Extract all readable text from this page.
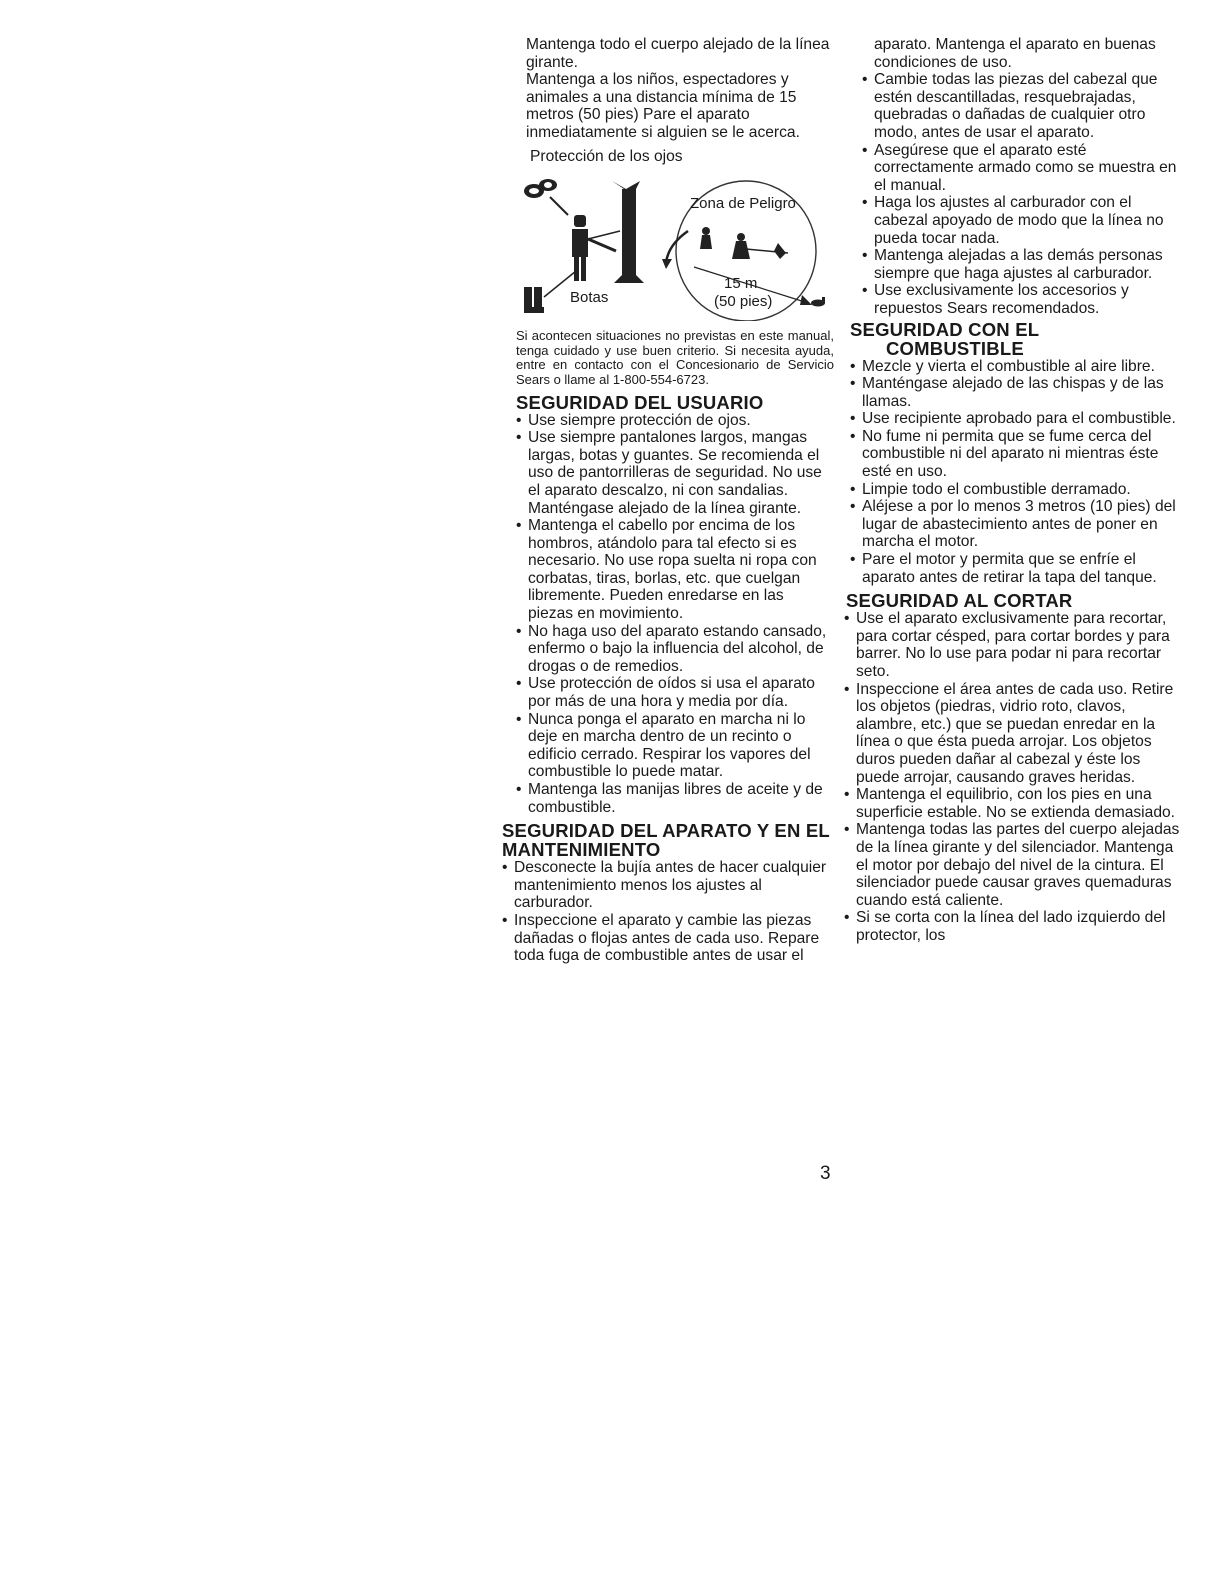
Mantenga todo el cuerpo alejado de la línea girante.

Mantenga a los niños, espectadores y animales a una distancia mínima de 15 metros (50 pies) Pare el aparato inmediatamente si alguien se le acerca.

Protección de los ojos

Zona de Peligro
Botas
15 m
(50 pies)

Si acontecen situaciones no previstas en este manual, tenga cuidado y use buen criterio. Si necesita ayuda, entre en contacto con el Concesionario de Servicio Sears o llame al 1-800-554-6723.

SEGURIDAD DEL USUARIO
• Use siempre protección de ojos.
• Use siempre pantalones largos, mangas largas, botas y guantes. Se recomienda el uso de pantorrilleras de seguridad. No use el aparato descalzo, ni con sandalias. Manténgase alejado de la línea girante.
• Mantenga el cabello por encima de los hombros, atándolo para tal efecto si es necesario. No use ropa suelta ni ropa con corbatas, tiras, borlas, etc. que cuelgan libremente. Pueden enredarse en las piezas en movimiento.
• No haga uso del aparato estando cansado, enfermo o bajo la influencia del alcohol, de drogas o de remedios.
• Use protección de oídos si usa el aparato por más de una hora y media por día.
• Nunca ponga el aparato en marcha ni lo deje en marcha dentro de un recinto o edificio cerrado. Respirar los vapores del combustible lo puede matar.
• Mantenga las manijas libres de aceite y de combustible.
SEGURIDAD DEL APARATO Y EN EL MANTENIMIENTO
• Desconecte la bujía antes de hacer cualquier mantenimiento menos los ajustes al carburador.
• Inspeccione el aparato y cambie las piezas dañadas o flojas antes de cada uso. Repare toda fuga de combustible antes de usar el

aparato. Mantenga el aparato en buenas condiciones de uso.

• Cambie todas las piezas del cabezal que estén descantilladas, resquebrajadas, quebradas o dañadas de cualquier otro modo, antes de usar el aparato.
• Asegúrese que el aparato esté correctamente armado como se muestra en el manual.
• Haga los ajustes al carburador con el cabezal apoyado de modo que la línea no pueda tocar nada.
• Mantenga alejadas a las demás personas siempre que haga ajustes al carburador.
• Use exclusivamente los accesorios y repuestos Sears recomendados.
SEGURIDAD CON EL
COMBUSTIBLE
• Mezcle y vierta el combustible al aire libre.
• Manténgase alejado de las chispas y de las llamas.
• Use recipiente aprobado para el combustible.
• No fume ni permita que se fume cerca del combustible ni del aparato ni mientras éste esté en uso.
• Limpie todo el combustible derramado.
• Aléjese a por lo menos 3 metros (10 pies) del lugar de abastecimiento antes de poner en marcha el motor.
• Pare el motor y permita que se enfríe el aparato antes de retirar la tapa del tanque.
SEGURIDAD AL CORTAR
• Use el aparato exclusivamente para recortar, para cortar césped, para cortar bordes y para barrer. No lo use para podar ni para recortar seto.
• Inspeccione el área antes de cada uso. Retire los objetos (piedras, vidrio roto, clavos, alambre, etc.) que se puedan enredar en la línea o que ésta pueda arrojar. Los objetos duros pueden dañar al cabezal y éste los puede arrojar, causando graves heridas.
• Mantenga el equilibrio, con los pies en una superficie estable. No se extienda demasiado.
• Mantenga todas las partes del cuerpo alejadas de la línea girante y del silenciador. Mantenga el motor por debajo del nivel de la cintura. El silenciador puede causar graves quemaduras cuando está caliente.
• Si se corta con la línea del lado izquierdo del protector, los
3
